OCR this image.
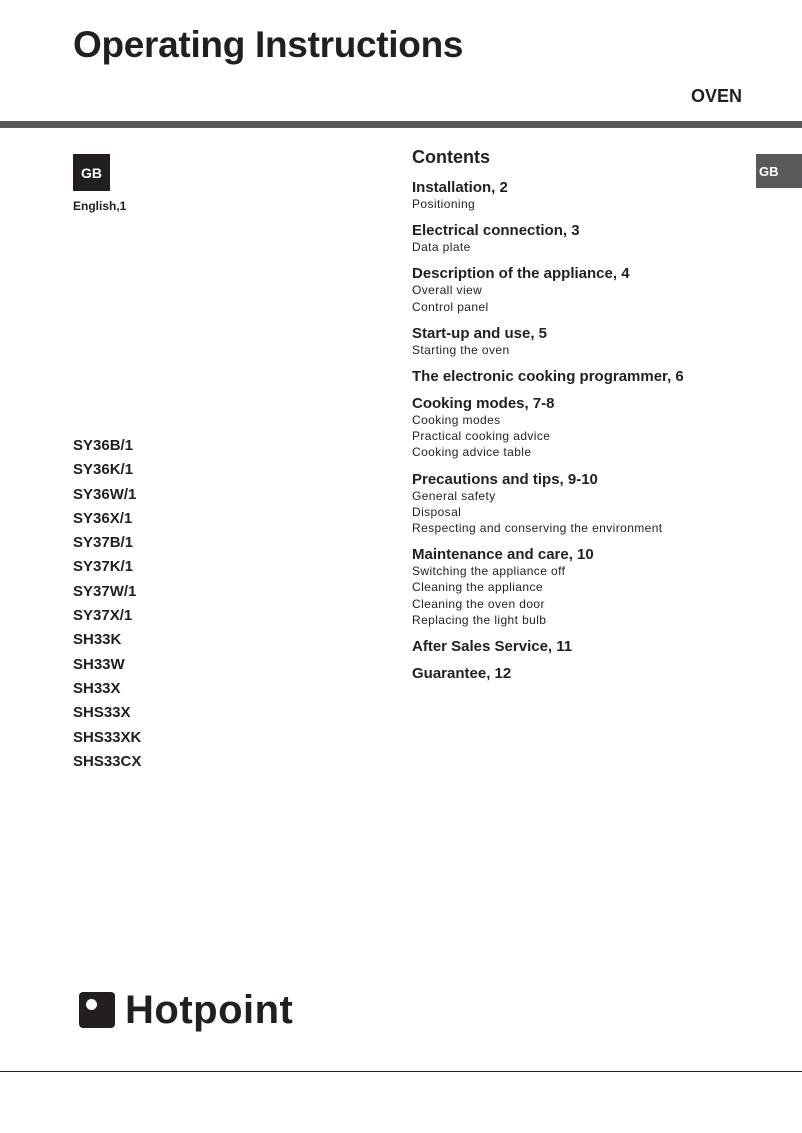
Operating Instructions
OVEN
GB
English,1
GB
SY36B/1
SY36K/1
SY36W/1
SY36X/1
SY37B/1
SY37K/1
SY37W/1
SY37X/1
SH33K
SH33W
SH33X
SHS33X
SHS33XK
SHS33CX
Contents
Installation, 2
Positioning
Electrical connection, 3
Data plate
Description of the appliance, 4
Overall view
Control panel
Start-up and use, 5
Starting the oven
The electronic cooking programmer, 6
Cooking modes, 7-8
Cooking modes
Practical cooking advice
Cooking advice table
Precautions and tips, 9-10
General safety
Disposal
Respecting and conserving the environment
Maintenance and care, 10
Switching the appliance off
Cleaning the appliance
Cleaning the oven door
Replacing the light bulb
After Sales Service, 11
Guarantee, 12
Hotpoint
